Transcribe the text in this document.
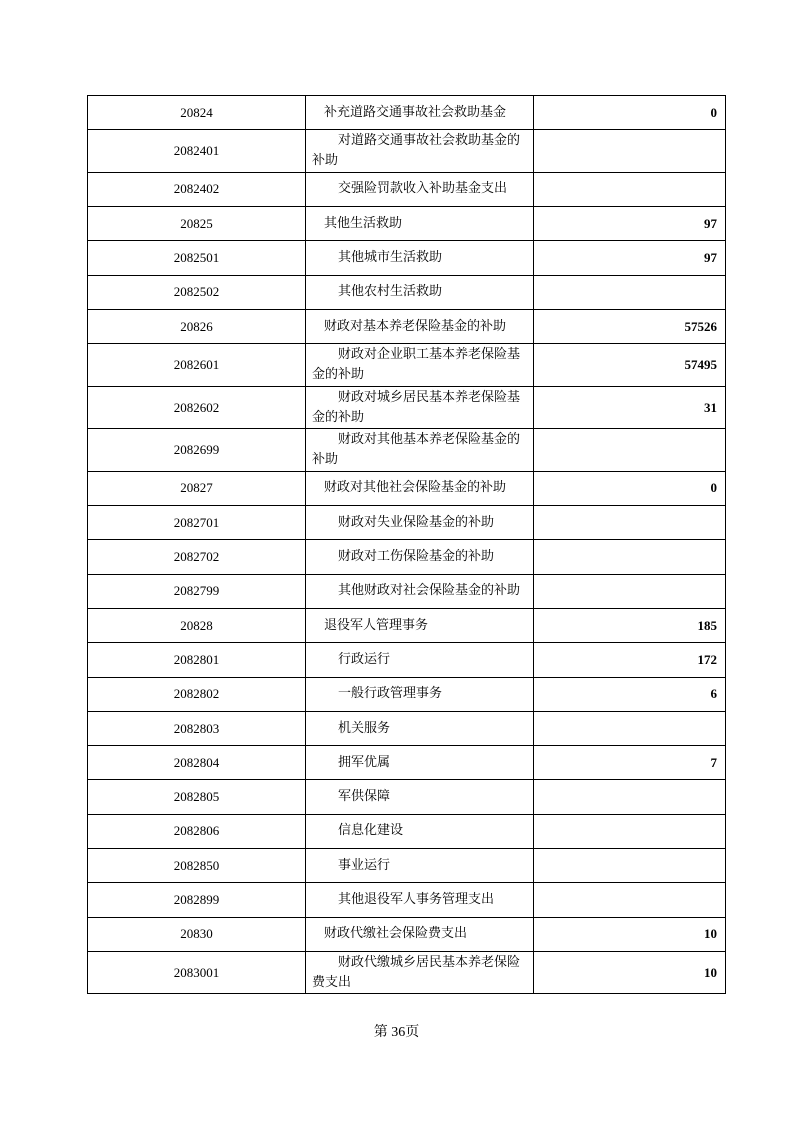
20824	补充道路交通事故社会救助基金	0
2082401	对道路交通事故社会救助基金的补助	
2082402	交强险罚款收入补助基金支出	
20825	其他生活救助	97
2082501	其他城市生活救助	97
2082502	其他农村生活救助	
20826	财政对基本养老保险基金的补助	57526
2082601	财政对企业职工基本养老保险基金的补助	57495
2082602	财政对城乡居民基本养老保险基金的补助	31
2082699	财政对其他基本养老保险基金的补助	
20827	财政对其他社会保险基金的补助	0
2082701	财政对失业保险基金的补助	
2082702	财政对工伤保险基金的补助	
2082799	其他财政对社会保险基金的补助	
20828	退役军人管理事务	185
2082801	行政运行	172
2082802	一般行政管理事务	6
2082803	机关服务	
2082804	拥军优属	7
2082805	军供保障	
2082806	信息化建设	
2082850	事业运行	
2082899	其他退役军人事务管理支出	
20830	财政代缴社会保险费支出	10
2083001	财政代缴城乡居民基本养老保险费支出	10
第 36页
